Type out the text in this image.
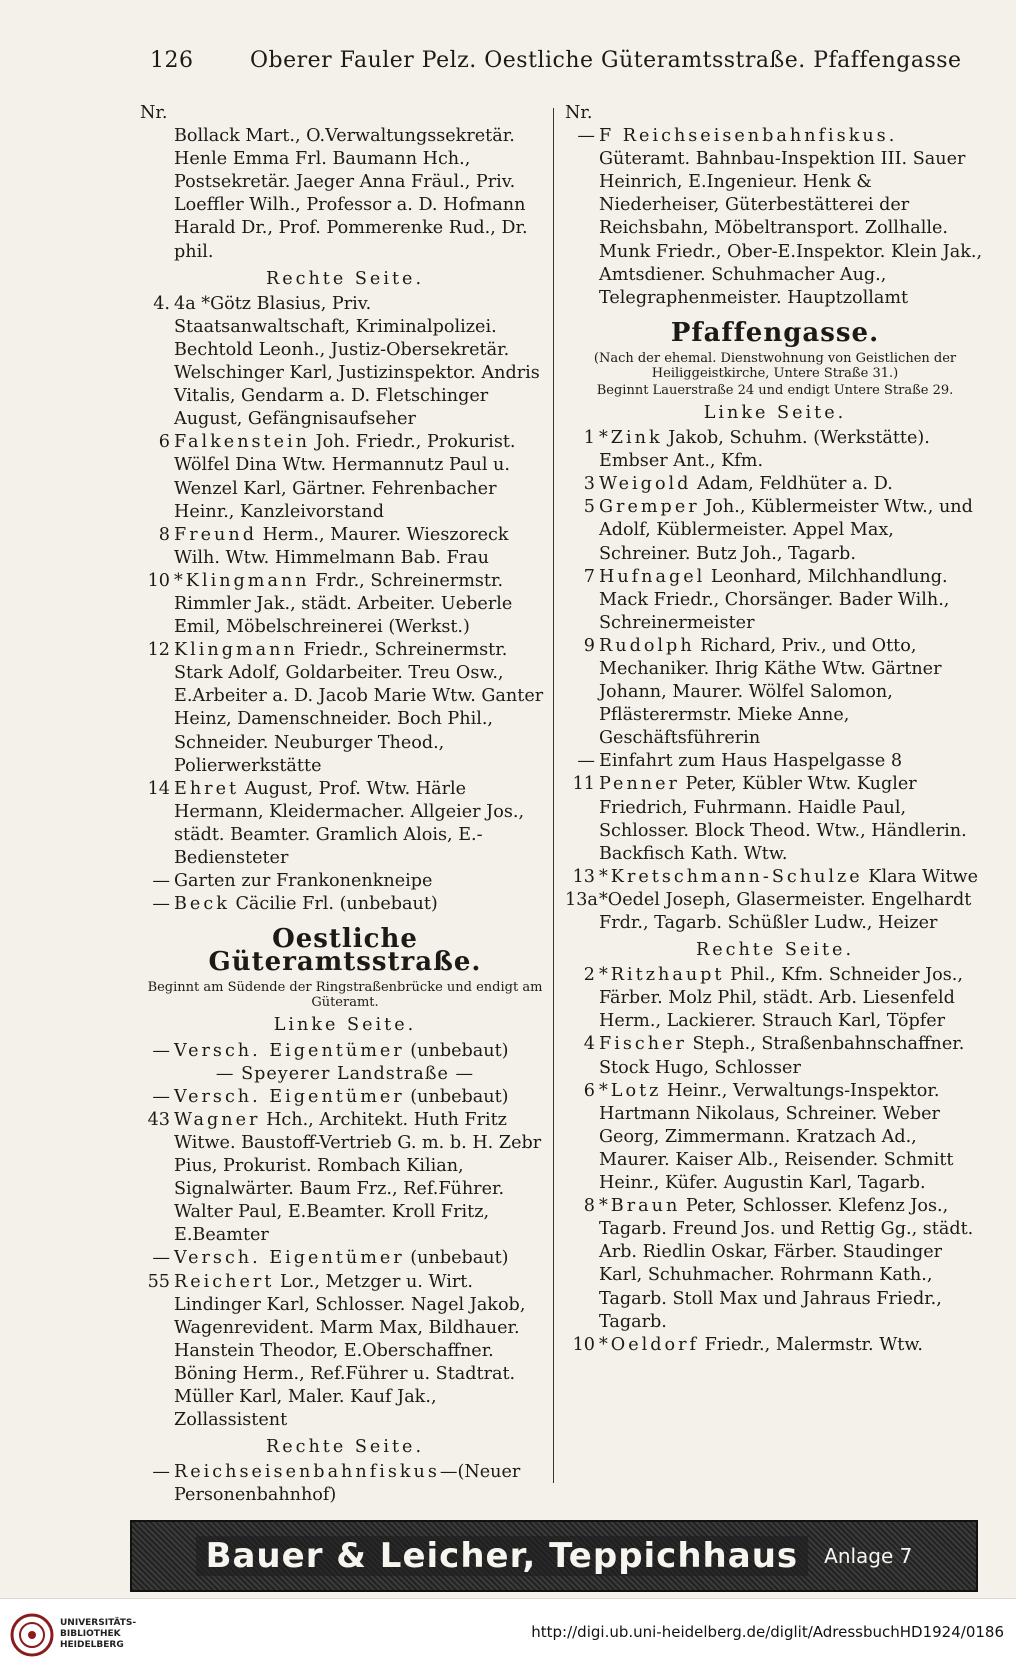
126	Oberer Fauler Pelz. Oestliche Güteramtsstraße. Pfaffengasse
Nr.

Bollack Mart., O.Verwaltungssekretär. Henle Emma Frl. Baumann Hch., Postsekretär. Jaeger Anna Fräul., Priv. Loeffler Wilh., Professor a. D. Hofmann Harald Dr., Prof. Pommerenke Rud., Dr. phil.

Rechte Seite.

4. 4a *Götz Blasius, Priv. Staatsanwaltschaft, Kriminalpolizei. Bechtold Leonh., Justiz-Obersekretär. Welschinger Karl, Justizinspektor. Andris Vitalis, Gendarm a. D. Fletschinger August, Gefängnisaufseher

6 Falkenstein Joh. Friedr., Prokurist. Wölfel Dina Wtw. Hermannutz Paul u. Wenzel Karl, Gärtner. Fehrenbacher Heinr., Kanzleivorstand

8 Freund Herm., Maurer. Wieszoreck Wilh. Wtw. Himmelmann Bab. Frau

10 *Klingmann Frdr., Schreinermstr. Rimmler Jak., städt. Arbeiter. Ueberle Emil, Möbelschreinerei (Werkst.)

12 Klingmann Friedr., Schreinermstr. Stark Adolf, Goldarbeiter. Treu Osw., E.Arbeiter a. D. Jacob Marie Wtw. Ganter Heinz, Damenschneider. Boch Phil., Schneider. Neuburger Theod., Polierwerkstätte

14 Ehret August, Prof. Wtw. Härle Hermann, Kleidermacher. Allgeier Jos., städt. Beamter. Gramlich Alois, E.-Bediensteter

— Garten zur Frankonenkneipe

— Beck Cäcilie Frl. (unbebaut)

Oestliche Güteramtsstraße.
Beginnt am Südende der Ringstraßenbrücke und endigt am Güteramt.
Linke Seite.

— Versch. Eigentümer (unbebaut)

— Speyerer Landstraße —

— Versch. Eigentümer (unbebaut)

43 Wagner Hch., Architekt. Huth Fritz Witwe. Baustoff-Vertrieb G. m. b. H. Zebr Pius, Prokurist. Rombach Kilian, Signalwärter. Baum Frz., Ref.Führer. Walter Paul, E.Beamter. Kroll Fritz, E.Beamter

— Versch. Eigentümer (unbebaut)

55 Reichert Lor., Metzger u. Wirt. Lindinger Karl, Schlosser. Nagel Jakob, Wagenrevident. Marm Max, Bildhauer. Hanstein Theodor, E.Oberschaffner. Böning Herm., Ref.Führer u. Stadtrat. Müller Karl, Maler. Kauf Jak., Zollassistent

Rechte Seite.

— Reichseisenbahnfiskus—(Neuer Personenbahnhof)

Nr.

— F Reichseisenbahnfiskus. Güteramt. Bahnbau-Inspektion III. Sauer Heinrich, E.Ingenieur. Henk & Niederheiser, Güterbestätterei der Reichsbahn, Möbeltransport. Zollhalle. Munk Friedr., Ober-E.Inspektor. Klein Jak., Amtsdiener. Schuhmacher Aug., Telegraphenmeister. Hauptzollamt

Pfaffengasse.
(Nach der ehemal. Dienstwohnung von Geistlichen der Heiliggeistkirche, Untere Straße 31.)
Beginnt Lauerstraße 24 und endigt Untere Straße 29.
Linke Seite.

1 *Zink Jakob, Schuhm. (Werkstätte). Embser Ant., Kfm.

3 Weigold Adam, Feldhüter a. D.

5 Gremper Joh., Küblermeister Wtw., und Adolf, Küblermeister. Appel Max, Schreiner. Butz Joh., Tagarb.

7 Hufnagel Leonhard, Milchhandlung. Mack Friedr., Chorsänger. Bader Wilh., Schreinermeister

9 Rudolph Richard, Priv., und Otto, Mechaniker. Ihrig Käthe Wtw. Gärtner Johann, Maurer. Wölfel Salomon, Pflästerermstr. Mieke Anne, Geschäftsführerin

— Einfahrt zum Haus Haspelgasse 8

11 Penner Peter, Kübler Wtw. Kugler Friedrich, Fuhrmann. Haidle Paul, Schlosser. Block Theod. Wtw., Händlerin. Backfisch Kath. Wtw.

13 *Kretschmann-Schulze Klara Witwe

13a *Oedel Joseph, Glasermeister. Engelhardt Frdr., Tagarb. Schüßler Ludw., Heizer

Rechte Seite.

2 *Ritzhaupt Phil., Kfm. Schneider Jos., Färber. Molz Phil, städt. Arb. Liesenfeld Herm., Lackierer. Strauch Karl, Töpfer

4 Fischer Steph., Straßenbahnschaffner. Stock Hugo, Schlosser

6 *Lotz Heinr., Verwaltungs-Inspektor. Hartmann Nikolaus, Schreiner. Weber Georg, Zimmermann. Kratzach Ad., Maurer. Kaiser Alb., Reisender. Schmitt Heinr., Küfer. Augustin Karl, Tagarb.

8 *Braun Peter, Schlosser. Klefenz Jos., Tagarb. Freund Jos. und Rettig Gg., städt. Arb. Riedlin Oskar, Färber. Staudinger Karl, Schuhmacher. Rohrmann Kath., Tagarb. Stoll Max und Jahraus Friedr., Tagarb.

10 *Oeldorf Friedr., Malermstr. Wtw.

Bauer & Leicher, Teppichhaus	Anlage 7
UNIVERSITÄTS-
BIBLIOTHEK
HEIDELBERG
http://digi.ub.uni-heidelberg.de/diglit/AdressbuchHD1924/0186
